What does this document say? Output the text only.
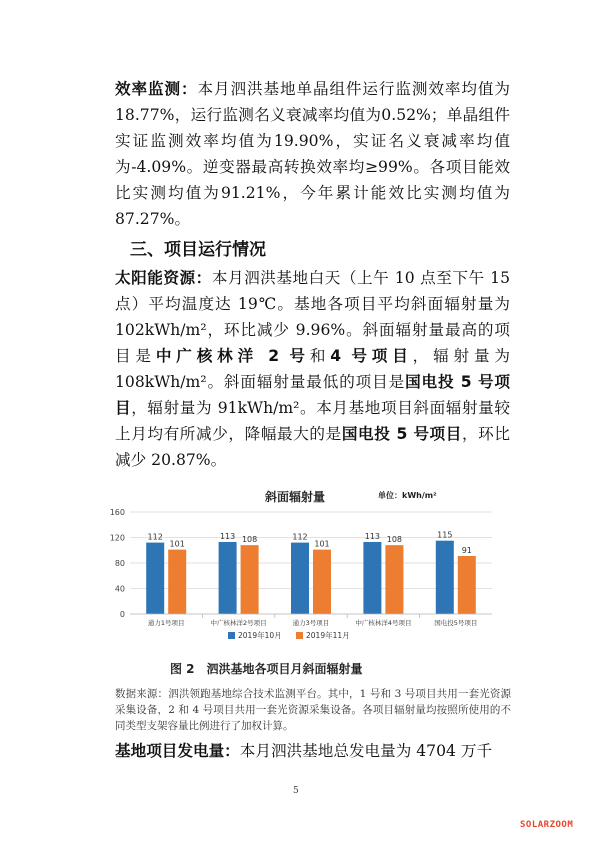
效率监测：本月泗洪基地单晶组件运行监测效率均值为18.77%，运行监测名义衰减率均值为0.52%；单晶组件实证监测效率均值为19.90%，实证名义衰减率均值为-4.09%。逆变器最高转换效率均≥99%。各项目能效比实测均值为91.21%，今年累计能效比实测均值为87.27%。
三、项目运行情况
太阳能资源：本月泗洪基地白天（上午 10 点至下午 15 点）平均温度达 19℃。基地各项目平均斜面辐射量为102kWh/m²，环比减少 9.96%。斜面辐射量最高的项目是中广核林洋 2 号和4 号项目，辐射量为 108kWh/m²。斜面辐射量最低的项目是国电投 5 号项目，辐射量为 91kWh/m²。本月基地项目斜面辐射量较上月均有所减少，降幅最大的是国电投 5 号项目，环比减少 20.87%。
斜面辐射量	单位：kWh/m²
0
40
80
120
160
112
101
通力1号项目
113 108
中广核林洋2号项目
112
101
通力3号项目
113 108
中广核林洋4号项目
115
91
国电投5号项目
2019年10月	2019年11月
图 2　泗洪基地各项目月斜面辐射量
数据来源：泗洪领跑基地综合技术监测平台。其中，1 号和 3 号项目共用一套光资源采集设备，2 和 4 号项目共用一套光资源采集设备。各项目辐射量均按照所使用的不同类型支架容量比例进行了加权计算。
基地项目发电量：本月泗洪基地总发电量为 4704 万千
5
SOLARZOOM
